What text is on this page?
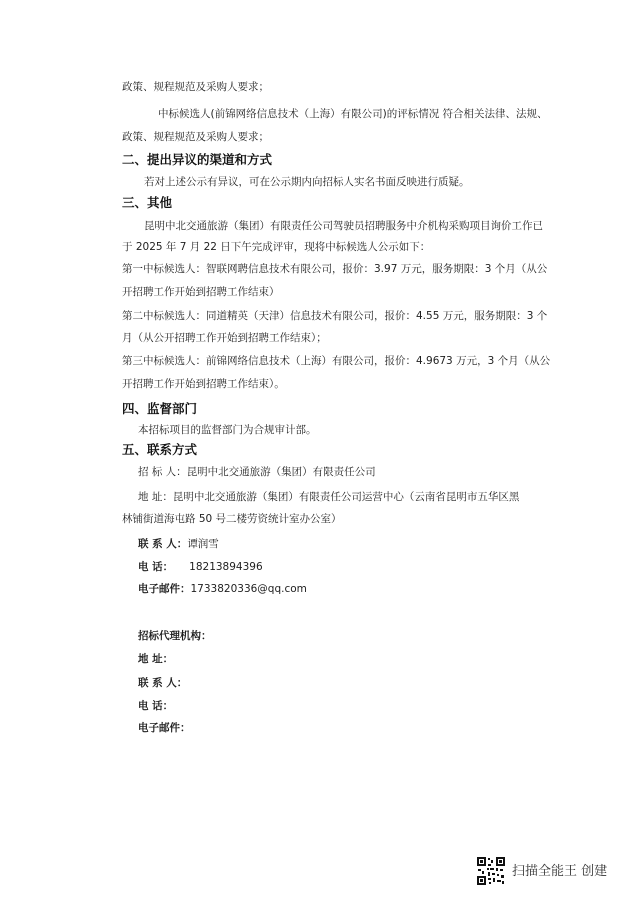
政策、规程规范及采购人要求；
中标候选人(前锦网络信息技术（上海）有限公司)的评标情况 符合相关法律、法规、
政策、规程规范及采购人要求；
二、提出异议的渠道和方式
若对上述公示有异议，可在公示期内向招标人实名书面反映进行质疑。
三、其他
昆明中北交通旅游（集团）有限责任公司驾驶员招聘服务中介机构采购项目询价工作已
于 2025 年 7 月 22 日下午完成评审，现将中标候选人公示如下：
第一中标候选人：智联网聘信息技术有限公司，报价：3.97 万元，服务期限：3 个月（从公
开招聘工作开始到招聘工作结束）
第二中标候选人：同道精英（天津）信息技术有限公司，报价：4.55 万元，服务期限：3 个
月（从公开招聘工作开始到招聘工作结束）；
第三中标候选人：前锦网络信息技术（上海）有限公司，报价：4.9673 万元，3 个月（从公
开招聘工作开始到招聘工作结束）。
四、监督部门
本招标项目的监督部门为合规审计部。
五、联系方式
招 标 人：昆明中北交通旅游（集团）有限责任公司
地 址：昆明中北交通旅游（集团）有限责任公司运营中心（云南省昆明市五华区黑
林铺街道海屯路 50 号二楼劳资统计室办公室）
联 系 人：谭润雪
电 话： 18213894396
电子邮件：1733820336@qq.com
招标代理机构：
地 址：
联 系 人：
电 话：
电子邮件：
扫描全能王 创建
